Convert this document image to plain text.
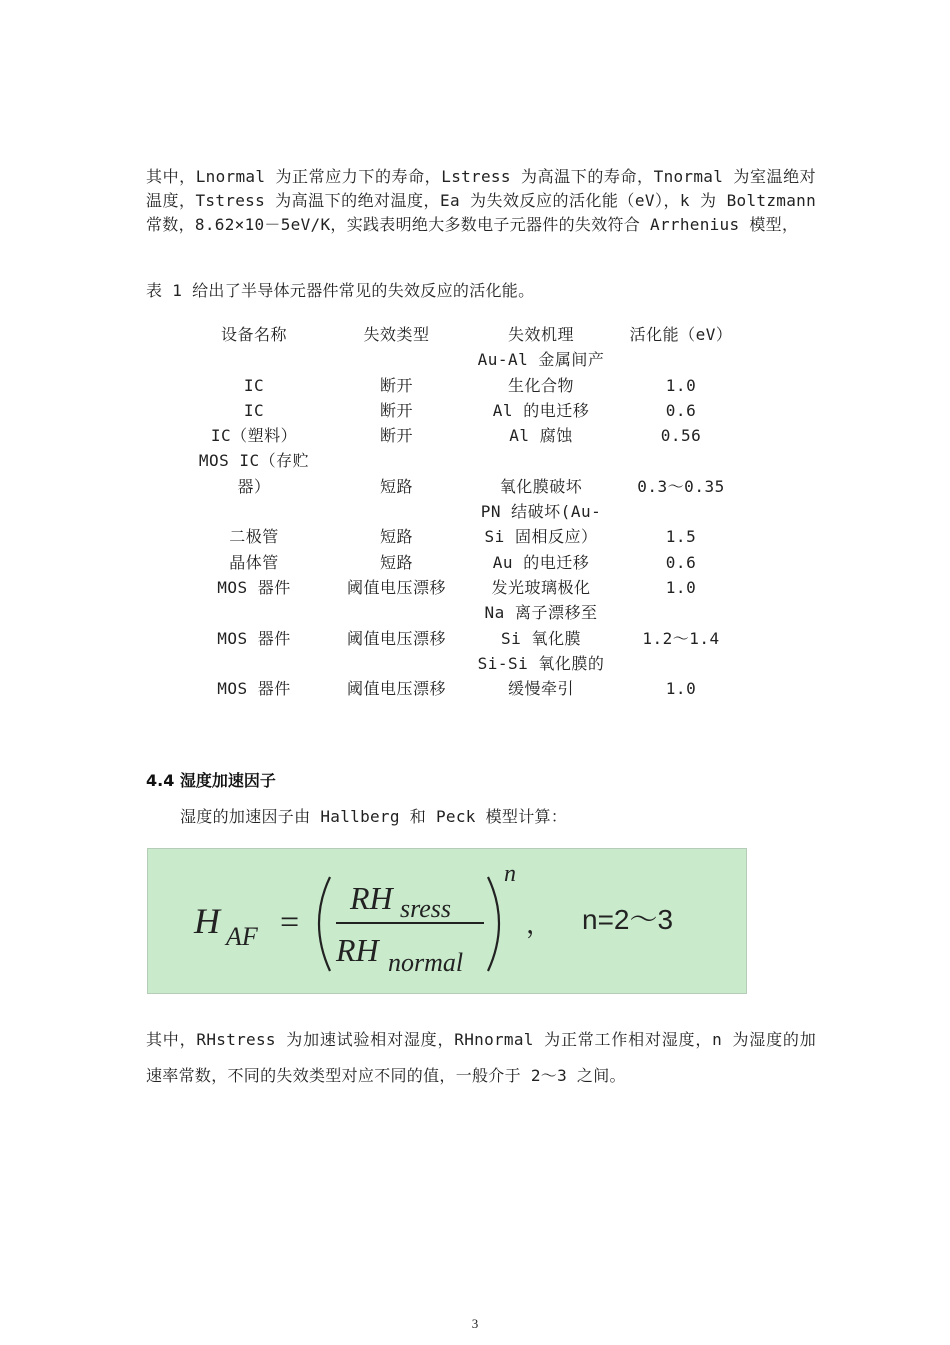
其中，Lnormal 为正常应力下的寿命，Lstress 为高温下的寿命，Tnormal 为室温绝对温度，Tstress 为高温下的绝对温度，Ea 为失效反应的活化能（eV），k 为 Boltzmann 常数，8.62×10－5eV/K，实践表明绝大多数电子元器件的失效符合 Arrhenius 模型，

表 1 给出了半导体元器件常见的失效反应的活化能。

设备名称	失效类型	失效机理	活化能（eV）
IC	断开	Au-Al 金属间产生化合物	1.0
IC	断开	Al 的电迁移	0.6
IC（塑料）	断开	Al 腐蚀	0.56
MOS IC（存贮器）	短路	氧化膜破坏	0.3～0.35
二极管	短路	PN 结破坏(Au-Si 固相反应）	1.5
晶体管	短路	Au 的电迁移	0.6
MOS 器件	阈值电压漂移	发光玻璃极化	1.0
MOS 器件	阈值电压漂移	Na 离子漂移至Si 氧化膜	1.2～1.4
MOS 器件	阈值电压漂移	Si-Si 氧化膜的缓慢牵引	1.0
4.4 湿度加速因子

湿度的加速因子由 Hallberg 和 Peck 模型计算：

H AF =
RH sress
RH normal
n
， n=2～3

其中，RHstress 为加速试验相对湿度，RHnormal 为正常工作相对湿度，n 为湿度的加速率常数，不同的失效类型对应不同的值，一般介于 2～3 之间。

3
